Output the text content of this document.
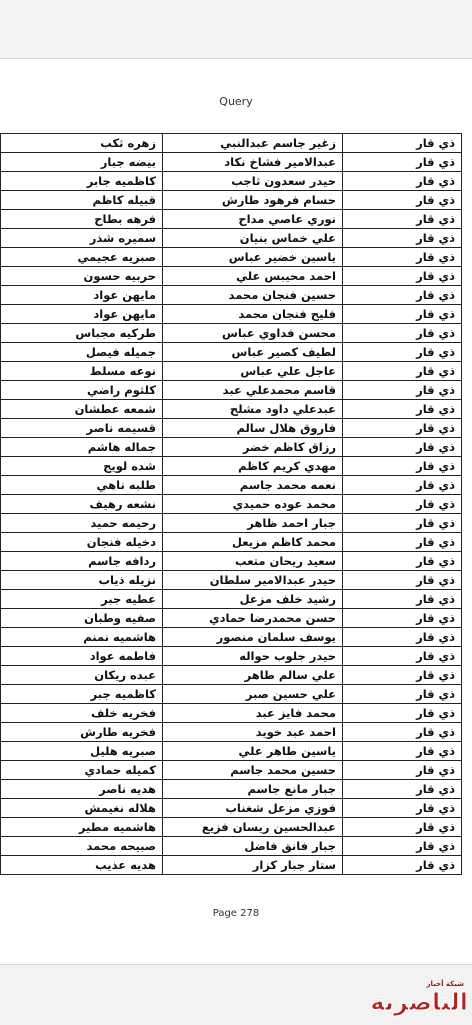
Query
ذي قار	زغير جاسم عبدالنبي	زهره ثكب
ذي قار	عبدالامير فشاخ نكاد	بيضه جبار
ذي قار	حيدر سعدون ثاجب	كاظميه جابر
ذي قار	حسام فرهود طارش	قبيله كاظم
ذي قار	نوري عاصي مداح	فرهه بطاح
ذي قار	علي خماس بنيان	سميره شذر
ذي قار	ياسين خضير عباس	صبريه عجيمي
ذي قار	احمد محيبس علي	حربيه حسون
ذي قار	حسين فنجان محمد	مايهن عواد
ذي قار	فليح فنجان محمد	مايهن عواد
ذي قار	محسن فداوي عباس	طركيه مجباس
ذي قار	لطيف كصير عباس	جميله فيصل
ذي قار	عاجل علي عباس	نوعه مسلط
ذي قار	قاسم محمدعلي عبد	كلثوم راضي
ذي قار	عبدعلي داود مشلح	شمعه عطشان
ذي قار	فاروق هلال سالم	قسيمه ناصر
ذي قار	رزاق كاظم خضر	جماله هاشم
ذي قار	مهدي كريم كاظم	شده لويج
ذي قار	نعمه محمد جاسم	طلبه ناهي
ذي قار	محمد عوده حميدي	نشعه رهيف
ذي قار	جبار احمد ظاهر	رحيمه حميد
ذي قار	محمد كاظم مزيعل	دخيله فنجان
ذي قار	سعيد ريحان متعب	ردافه جاسم
ذي قار	حيدر عبدالامير سلطان	نزيله ذياب
ذي قار	رشيد خلف مزعل	عطيه جبر
ذي قار	حسن محمدرضا حمادي	صفيه وطبان
ذي قار	يوسف سلمان منصور	هاشميه نمنم
ذي قار	حيدر جلوب حواله	فاطمه عواد
ذي قار	علي سالم طاهر	عبده ريكان
ذي قار	علي حسين صبر	كاظميه جبر
ذي قار	محمد فايز عبد	فخريه خلف
ذي قار	احمد عبد خويد	فخريه طارش
ذي قار	ياسين طاهر علي	صبريه هليل
ذي قار	حسين محمد جاسم	كميله حمادي
ذي قار	جبار مانع جاسم	هديه ناصر
ذي قار	فوزي مزعل شغناب	هلاله نغيمش
ذي قار	عبدالحسين ريسان فزيع	هاشميه مطير
ذي قار	جبار فانق فاضل	صبيحه محمد
ذي قار	ستار جبار كزار	هديه عذيب
Page 278
شبكة أخبار
الناصرية
